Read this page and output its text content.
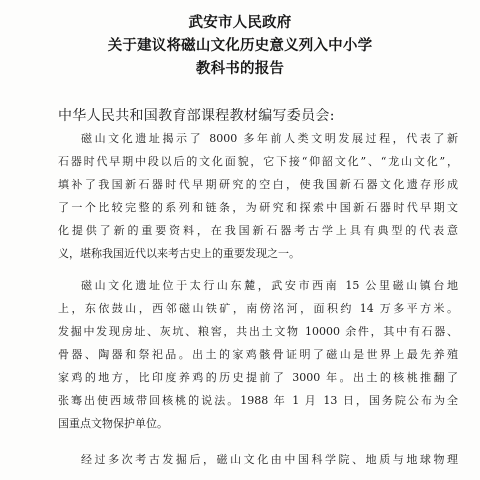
武安市人民政府
关于建议将磁山文化历史意义列入中小学
教科书的报告
中华人民共和国教育部课程教材编写委员会:
磁山文化遗址揭示了 8000 多年前人类文明发展过程，代表了新
石器时代早期中段以后的文化面貌，它下接“仰韶文化”、“龙山文化”，
填补了我国新石器时代早期研究的空白，使我国新石器文化遗存形成
了一个比较完整的系列和链条，为研究和探索中国新石器时代早期文
化提供了新的重要资料，在我国新石器考古学上具有典型的代表意
义，堪称我国近代以来考古史上的重要发现之一。
磁山文化遗址位于太行山东麓，武安市西南 15 公里磁山镇台地
上，东依鼓山，西邻磁山铁矿，南傍洺河，面积约 14 万多平方米。
发掘中发现房址、灰坑、粮窖，共出土文物 10000 余件，其中有石器、
骨器、陶器和祭祀品。出土的家鸡骸骨证明了磁山是世界上最先养殖
家鸡的地方，比印度养鸡的历史提前了 3000 年。出土的核桃推翻了
张骞出使西域带回核桃的说法。1988 年 1 月 13 日，国务院公布为全
国重点文物保护单位。
经过多次考古发掘后，磁山文化由中国科学院、地质与地球物理
